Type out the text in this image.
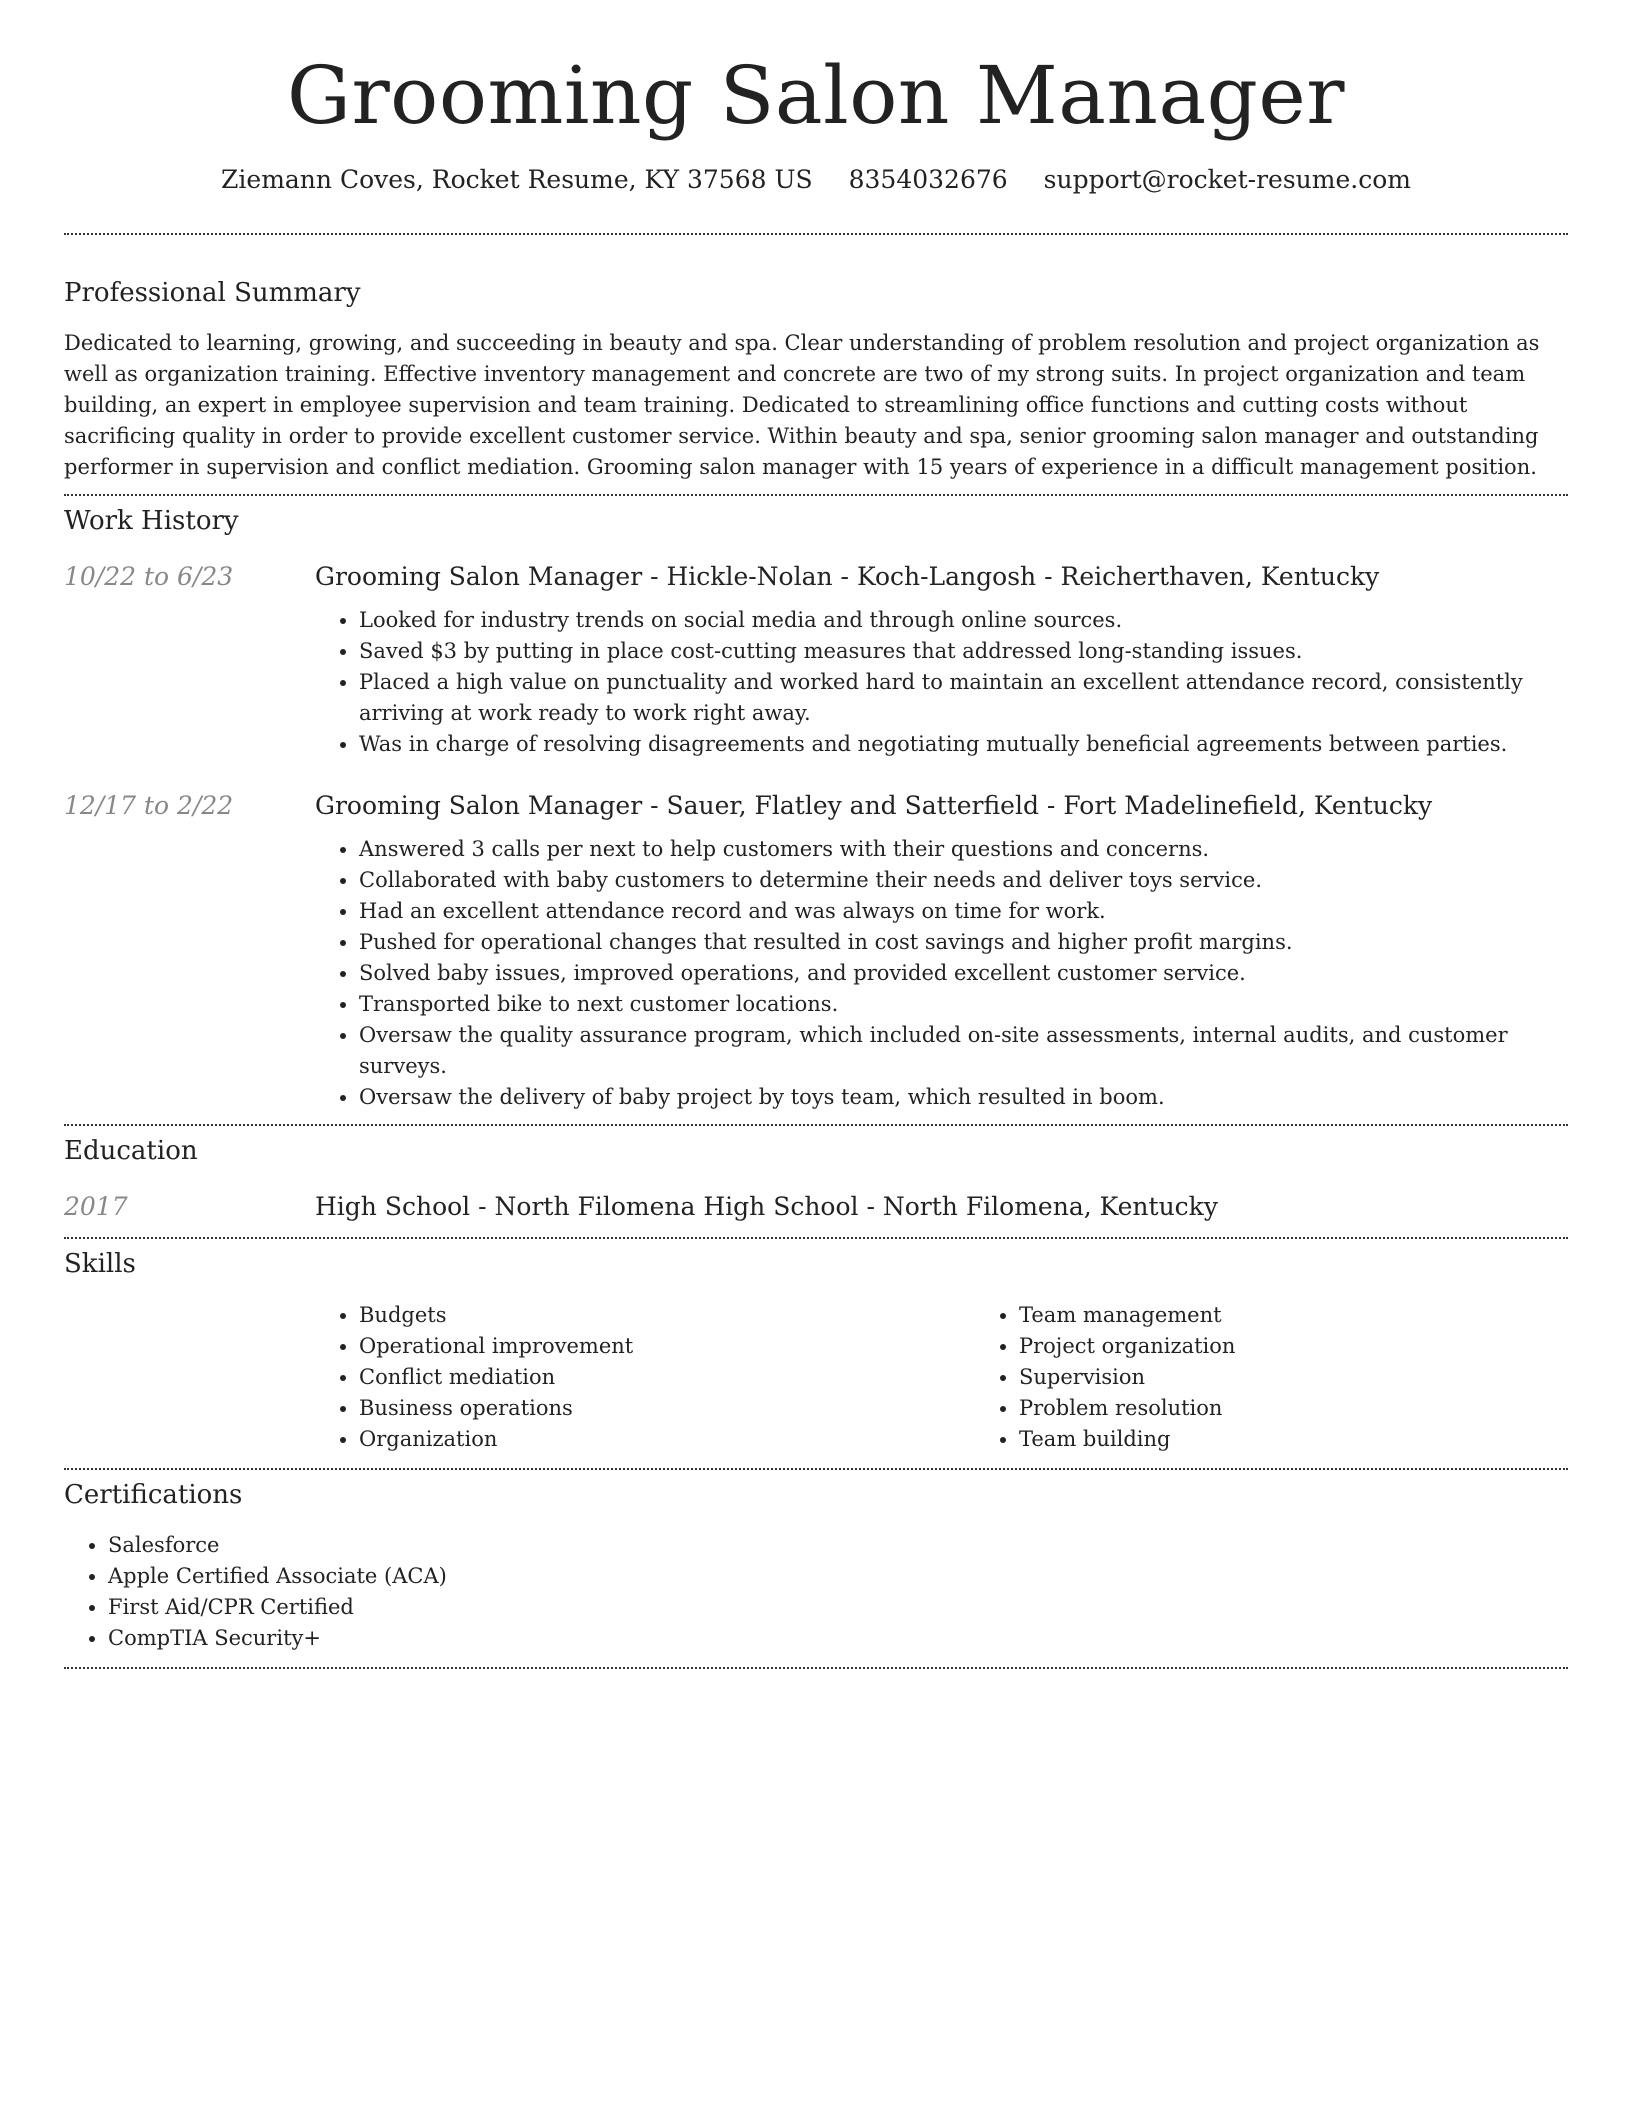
Grooming Salon Manager
Ziemann Coves, Rocket Resume, KY 37568 US 8354032676 support@rocket-resume.com
Professional Summary

Dedicated to learning, growing, and succeeding in beauty and spa. Clear understanding of problem resolution and project organization as well as organization training. Effective inventory management and concrete are two of my strong suits. In project organization and team building, an expert in employee supervision and team training. Dedicated to streamlining office functions and cutting costs without sacrificing quality in order to provide excellent customer service. Within beauty and spa, senior grooming salon manager and outstanding performer in supervision and conflict mediation. Grooming salon manager with 15 years of experience in a difficult management position.

Work History
10/22 to 6/23	Grooming Salon Manager - Hickle-Nolan - Koch-Langosh - Reicherthaven, Kentucky
• Looked for industry trends on social media and through online sources.
• Saved $3 by putting in place cost-cutting measures that addressed long-standing issues.
• Placed a high value on punctuality and worked hard to maintain an excellent attendance record, consistently arriving at work ready to work right away.
• Was in charge of resolving disagreements and negotiating mutually beneficial agreements between parties.
12/17 to 2/22	Grooming Salon Manager - Sauer, Flatley and Satterfield - Fort Madelinefield, Kentucky
• Answered 3 calls per next to help customers with their questions and concerns.
• Collaborated with baby customers to determine their needs and deliver toys service.
• Had an excellent attendance record and was always on time for work.
• Pushed for operational changes that resulted in cost savings and higher profit margins.
• Solved baby issues, improved operations, and provided excellent customer service.
• Transported bike to next customer locations.
• Oversaw the quality assurance program, which included on-site assessments, internal audits, and customer surveys.
• Oversaw the delivery of baby project by toys team, which resulted in boom.
Education
2017	High School - North Filomena High School - North Filomena, Kentucky
Skills
• Budgets
• Operational improvement
• Conflict mediation
• Business operations
• Organization
• Team management
• Project organization
• Supervision
• Problem resolution
• Team building
Certifications
• Salesforce
• Apple Certified Associate (ACA)
• First Aid/CPR Certified
• CompTIA Security+
